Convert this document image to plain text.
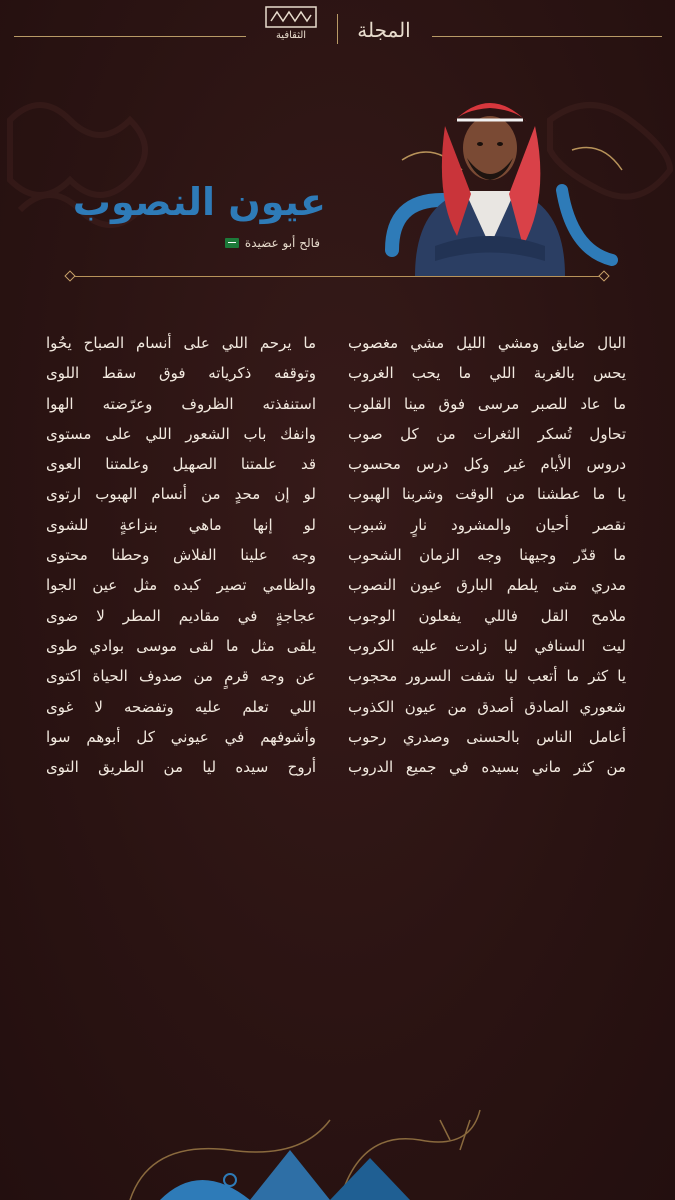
الثقافية	المجلة
عيون النصوب
فالح أبو عضيدة
البال ضايق ومشي الليل مشي مغصوب
يحس بالغربة اللي ما يحب الغروب
ما عاد للصبر مرسى فوق مينا القلوب
تحاول تُسكر الثغرات من كل صوب
دروس الأيام غير وكل درس محسوب
يا ما عطشنا من الوقت وشربنا الهبوب
نقصر أحيان والمشرود نارٍ شبوب
ما قدّر وجيهنا وجه الزمان الشحوب
مدري متى يلطم البارق عيون النصوب
ملامح القل فاللي يفعلون الوجوب
ليت السنافي ليا زادت عليه الكروب
يا كثر ما أتعب ليا شفت السرور محجوب
شعوري الصادق أصدق من عيون الكذوب
أعامل الناس بالحسنى وصدري رحوب
من كثر ماني بسيده في جميع الدروب
ما يرحم اللي على أنسام الصباح يحُوا
وتوقفه ذكرياته فوق سقط اللوى
استنفذته الظروف وعرّضته الهوا
وانفك باب الشعور اللي على مستوى
قد علمتنا الصهيل وعلمتنا العوى
لو إن محدٍ من أنسام الهبوب ارتوى
لو إنها ماهي بنزاعةٍ للشوى
وجه علينا الفلاش وحطنا محتوى
والظامي تصير كبده مثل عين الجوا
عجاجةٍ في مقاديم المطر لا ضوى
يلقى مثل ما لقى موسى بوادي طوى
عن وجه قرمٍ من صدوف الحياة اكتوى
اللي تعلم عليه وتفضحه لا غوى
وأشوفهم في عيوني كل أبوهم سوا
أروح سيده ليا من الطريق التوى
